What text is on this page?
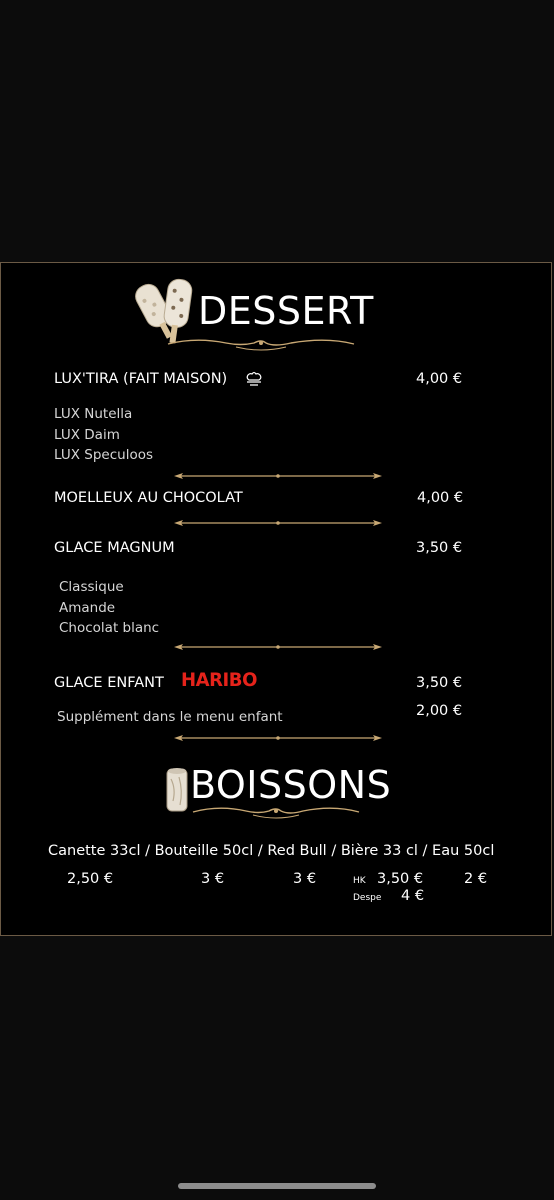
DESSERT
LUX'TIRA (FAIT MAISON)	4,00 €
LUX Nutella
LUX Daim
LUX Speculoos
MOELLEUX AU CHOCOLAT	4,00 €
GLACE MAGNUM	3,50 €
Classique
Amande
Chocolat blanc
GLACE ENFANT HARIBO	3,50 €
Supplément dans le menu enfant	2,00 €
BOISSONS
Canette 33cl / Bouteille 50cl / Red Bull / Bière 33 cl / Eau 50cl
2,50 €	3 €	3 €	HK 3,50 €	2 €
Despe 4 €
